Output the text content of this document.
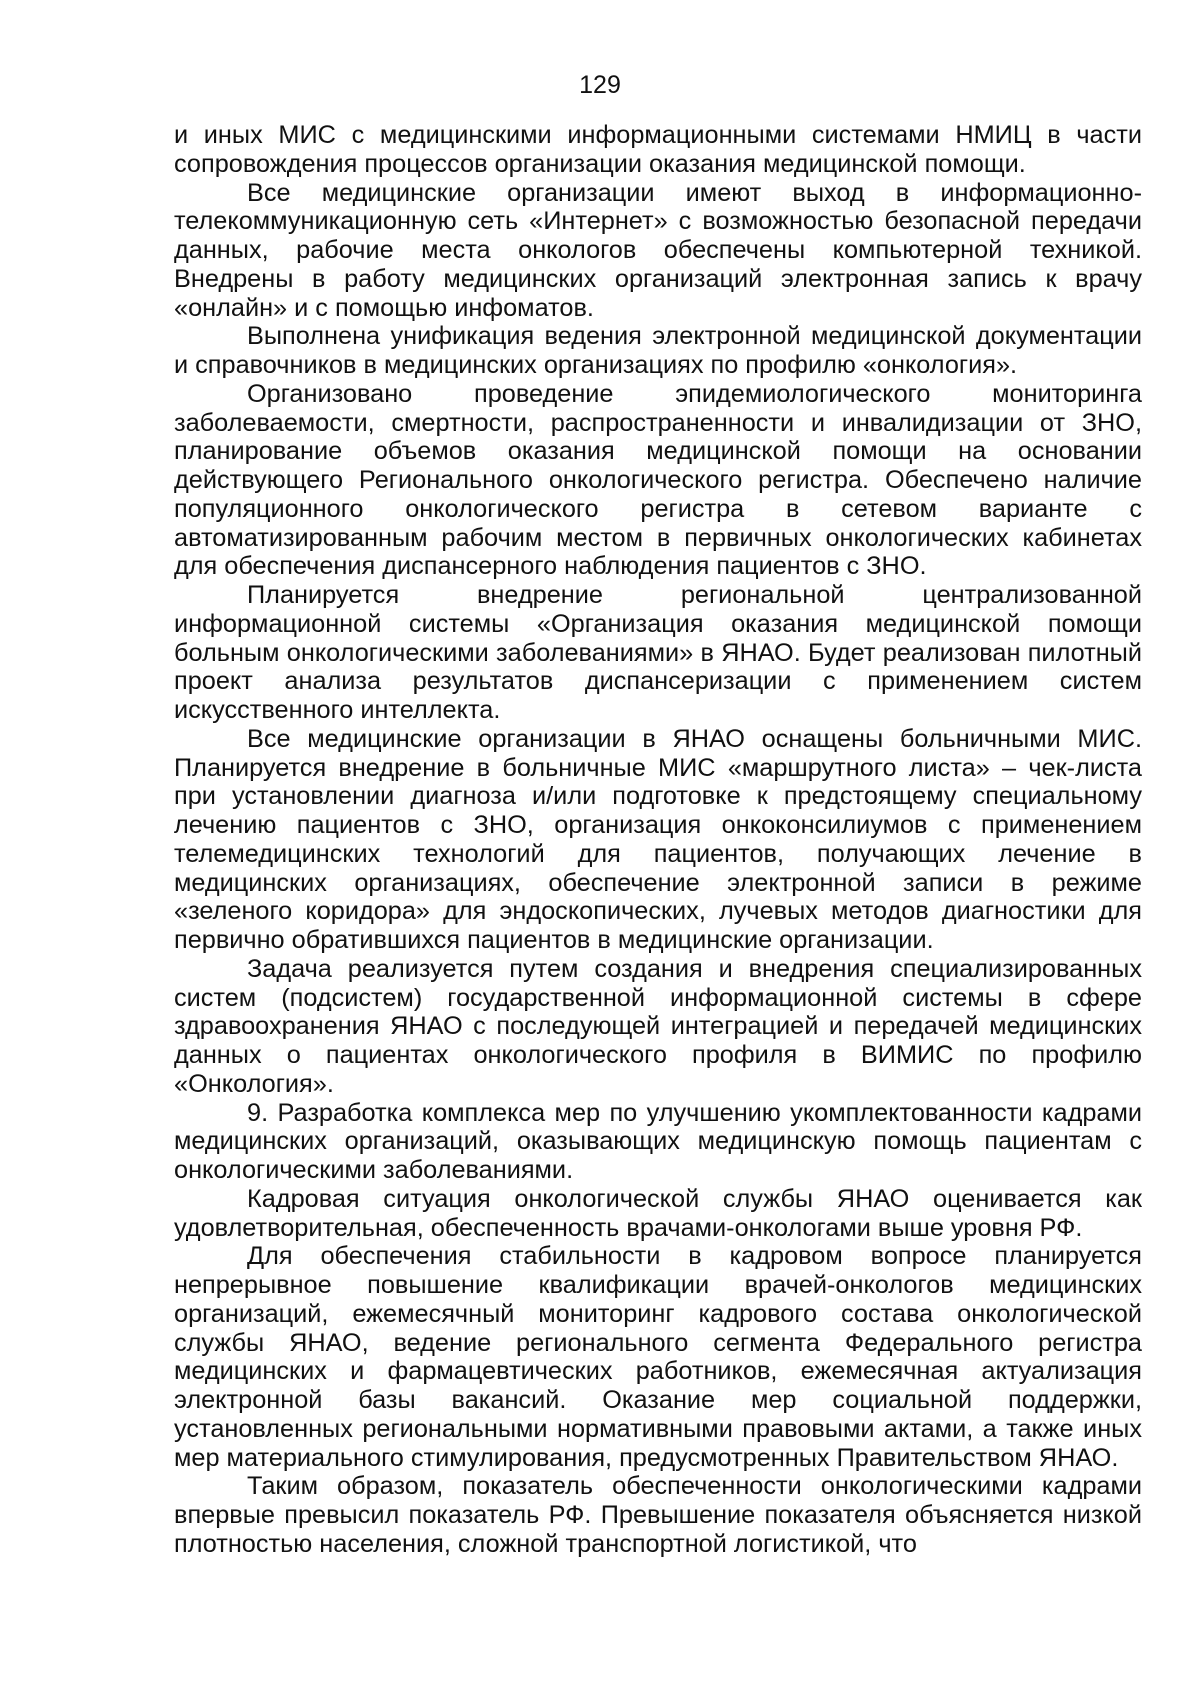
129

и иных МИС с медицинскими информационными системами НМИЦ в части сопровождения процессов организации оказания медицинской помощи.

Все медицинские организации имеют выход в информационно-телекоммуникационную сеть «Интернет» с возможностью безопасной передачи данных, рабочие места онкологов обеспечены компьютерной техникой. Внедрены в работу медицинских организаций электронная запись к врачу «онлайн» и с помощью инфоматов.

Выполнена унификация ведения электронной медицинской документации и справочников в медицинских организациях по профилю «онкология».

Организовано проведение эпидемиологического мониторинга заболеваемости, смертности, распространенности и инвалидизации от ЗНО, планирование объемов оказания медицинской помощи на основании действующего Регионального онкологического регистра. Обеспечено наличие популяционного онкологического регистра в сетевом варианте с автоматизированным рабочим местом в первичных онкологических кабинетах для обеспечения диспансерного наблюдения пациентов с ЗНО.

Планируется внедрение региональной централизованной информационной системы «Организация оказания медицинской помощи больным онкологическими заболеваниями» в ЯНАО. Будет реализован пилотный проект анализа результатов диспансеризации с применением систем искусственного интеллекта.

Все медицинские организации в ЯНАО оснащены больничными МИС. Планируется внедрение в больничные МИС «маршрутного листа» – чек-листа при установлении диагноза и/или подготовке к предстоящему специальному лечению пациентов с ЗНО, организация онкоконсилиумов с применением телемедицинских технологий для пациентов, получающих лечение в медицинских организациях, обеспечение электронной записи в режиме «зеленого коридора» для эндоскопических, лучевых методов диагностики для первично обратившихся пациентов в медицинские организации.

Задача реализуется путем создания и внедрения специализированных систем (подсистем) государственной информационной системы в сфере здравоохранения ЯНАО с последующей интеграцией и передачей медицинских данных о пациентах онкологического профиля в ВИМИС по профилю «Онкология».

9. Разработка комплекса мер по улучшению укомплектованности кадрами медицинских организаций, оказывающих медицинскую помощь пациентам с онкологическими заболеваниями.

Кадровая ситуация онкологической службы ЯНАО оценивается как удовлетворительная, обеспеченность врачами-онкологами выше уровня РФ.

Для обеспечения стабильности в кадровом вопросе планируется непрерывное повышение квалификации врачей-онкологов медицинских организаций, ежемесячный мониторинг кадрового состава онкологической службы ЯНАО, ведение регионального сегмента Федерального регистра медицинских и фармацевтических работников, ежемесячная актуализация электронной базы вакансий. Оказание мер социальной поддержки, установленных региональными нормативными правовыми актами, а также иных мер материального стимулирования, предусмотренных Правительством ЯНАО.

Таким образом, показатель обеспеченности онкологическими кадрами впервые превысил показатель РФ. Превышение показателя объясняется низкой плотностью населения, сложной транспортной логистикой, что
